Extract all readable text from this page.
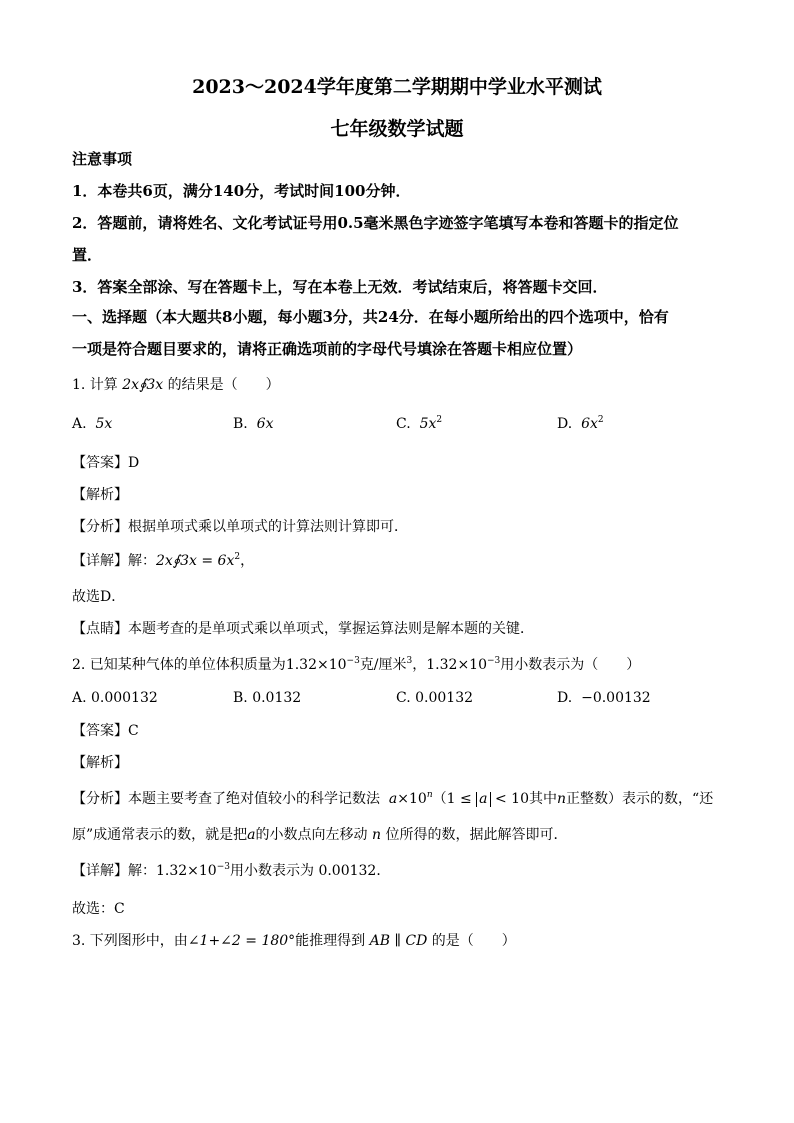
2023～2024学年度第二学期期中学业水平测试
七年级数学试题
注意事项
1．本卷共6页，满分140分，考试时间100分钟．
2．答题前，请将姓名、文化考试证号用0.5毫米黑色字迹签字笔填写本卷和答题卡的指定位
置．
3．答案全部涂、写在答题卡上，写在本卷上无效．考试结束后，将答题卡交回．
一、选择题（本大题共8小题，每小题3分，共24分．在每小题所给出的四个选项中，恰有
一项是符合题目要求的，请将正确选项前的字母代号填涂在答题卡相应位置）
1. 计算 2x∮3x 的结果是（　　）
A. 5x	B. 6x	C. $5x^2$	D. $6x^2$
【答案】D
【解析】
【分析】根据单项式乘以单项式的计算法则计算即可．
【详解】解：2x∮3x = $6x^2$，
故选D．
【点睛】本题考查的是单项式乘以单项式，掌握运算法则是解本题的关键．
2. 已知某种气体的单位体积质量为$1.32\times 10^{-3}$克/厘米$^3$，$1.32\times 10^{-3}$用小数表示为（　　）
A. 0.000132	B. 0.0132	C. 0.00132	D. −0.00132
【答案】C
【解析】
【分析】本题主要考查了绝对值较小的科学记数法 $a\times 10^n(1 \le a < 10$其中n正整数）表示的数，“还
原”成通常表示的数，就是把a的小数点向左移动 n 位所得的数，据此解答即可．
【详解】解：$1.32\times 10^{-3}$用小数表示为 0.00132．
故选：C
3. 下列图形中，由∠1+∠2 = 180°能推理得到 AB ∥ CD 的是（　　）
